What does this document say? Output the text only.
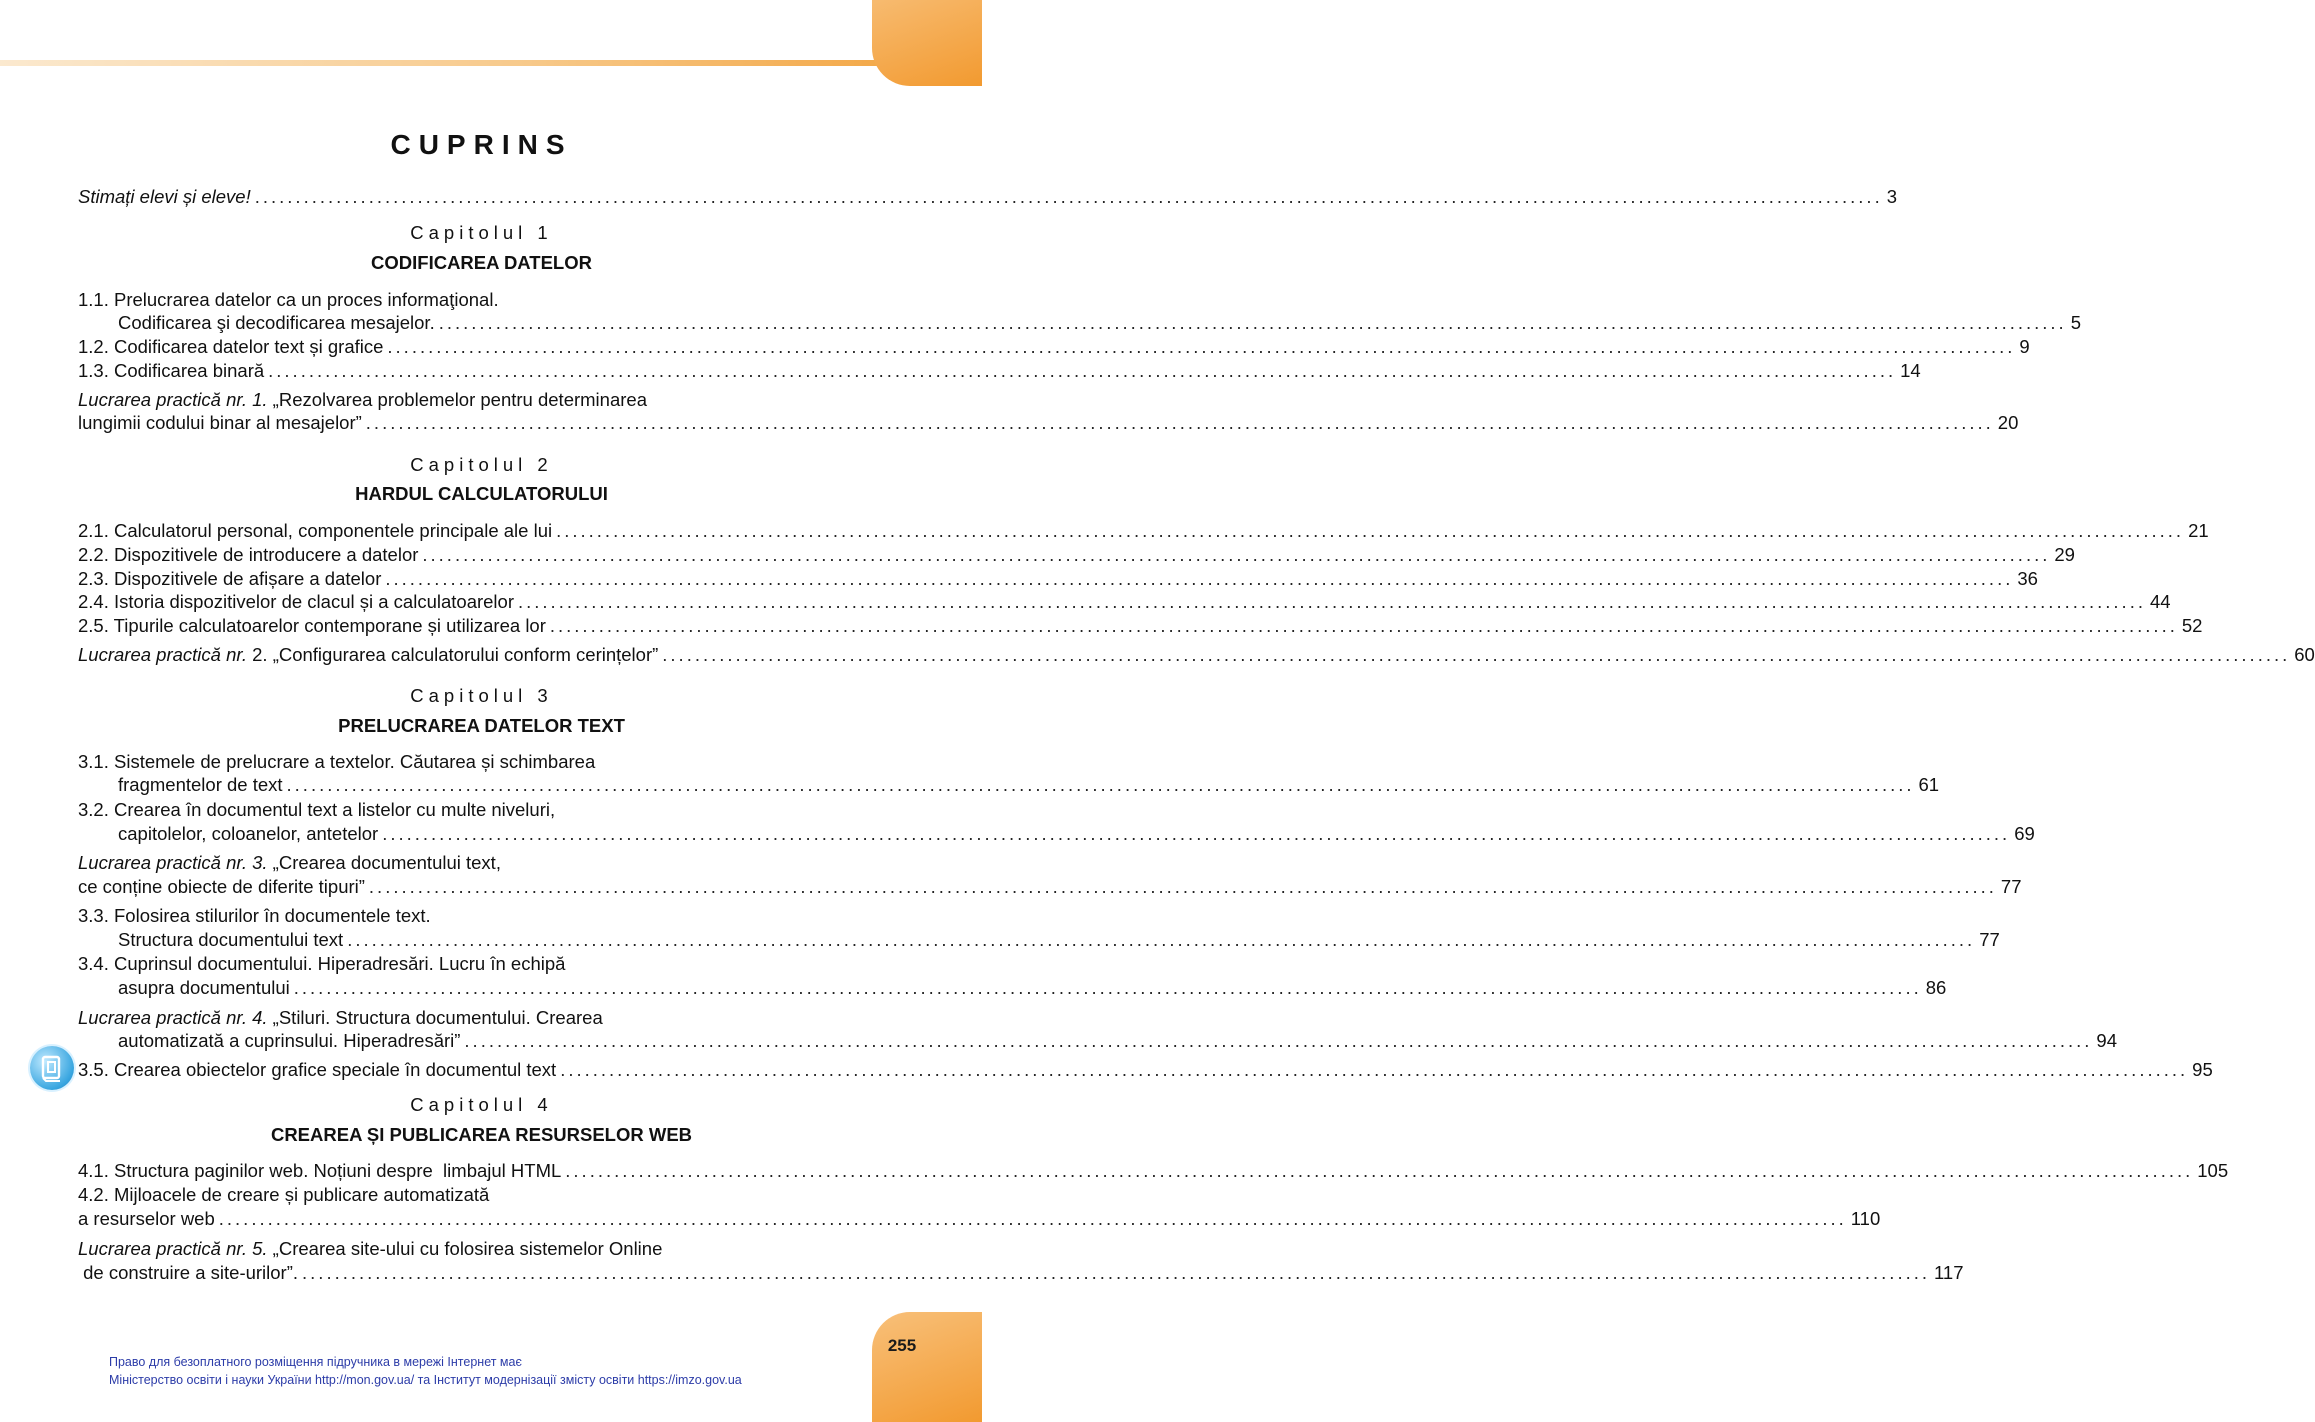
255
CUPRINS
Stimați elevi și eleve! ........................................................................................................................................................................................................ 3
Capitolul 1
CODIFICAREA DATELOR
1.1. Prelucrarea datelor ca un proces informaţional.
Codificarea şi decodificarea mesajelor. ........................................................................................................................................................................................................ 5
1.2. Codificarea datelor text și grafice ........................................................................................................................................................................................................ 9
1.3. Codificarea binară ........................................................................................................................................................................................................ 14
Lucrarea practică nr. 1. „Rezolvarea problemelor pentru determinarea
lungimii codului binar al mesajelor” ........................................................................................................................................................................................................ 20
Capitolul 2
HARDUL CALCULATORULUI
2.1. Calculatorul personal, componentele principale ale lui ........................................................................................................................................................................................................ 21
2.2. Dispozitivele de introducere a datelor ........................................................................................................................................................................................................ 29
2.3. Dispozitivele de afișare a datelor ........................................................................................................................................................................................................ 36
2.4. Istoria dispozitivelor de clacul și a calculatoarelor ........................................................................................................................................................................................................ 44
2.5. Tipurile calculatoarelor contemporane și utilizarea lor ........................................................................................................................................................................................................ 52
Lucrarea practică nr. 2. „Configurarea calculatorului conform cerințelor” ........................................................................................................................................................................................................ 60
Capitolul 3
PRELUCRAREA DATELOR TEXT
3.1. Sistemele de prelucrare a textelor. Căutarea și schimbarea
fragmentelor de text ........................................................................................................................................................................................................ 61
3.2. Crearea în documentul text a listelor cu multe niveluri,
capitolelor, coloanelor, antetelor ........................................................................................................................................................................................................ 69
Lucrarea practică nr. 3. „Crearea documentului text,
ce conține obiecte de diferite tipuri” ........................................................................................................................................................................................................ 77
3.3. Folosirea stilurilor în documentele text.
Structura documentului text ........................................................................................................................................................................................................ 77
3.4. Cuprinsul documentului. Hiperadresări. Lucru în echipă
asupra documentului ........................................................................................................................................................................................................ 86
Lucrarea practică nr. 4. „Stiluri. Structura documentului. Crearea
automatizată a cuprinsului. Hiperadresări” ........................................................................................................................................................................................................ 94
3.5. Crearea obiectelor grafice speciale în documentul text ........................................................................................................................................................................................................ 95
Capitolul 4
CREAREA ȘI PUBLICAREA RESURSELOR WEB
4.1. Structura paginilor web. Noțiuni despre  limbajul HTML ........................................................................................................................................................................................................ 105
4.2. Mijloacele de creare și publicare automatizată
a resurselor web ........................................................................................................................................................................................................ 110
Lucrarea practică nr. 5. „Crearea site-ului cu folosirea sistemelor Online
de construire a site-urilor”. ........................................................................................................................................................................................................ 117
Право для безоплатного розміщення підручника в мережі Інтернет має
Міністерство освіти і науки України http://mon.gov.ua/ та Інститут модернізації змісту освіти https://imzo.gov.ua
